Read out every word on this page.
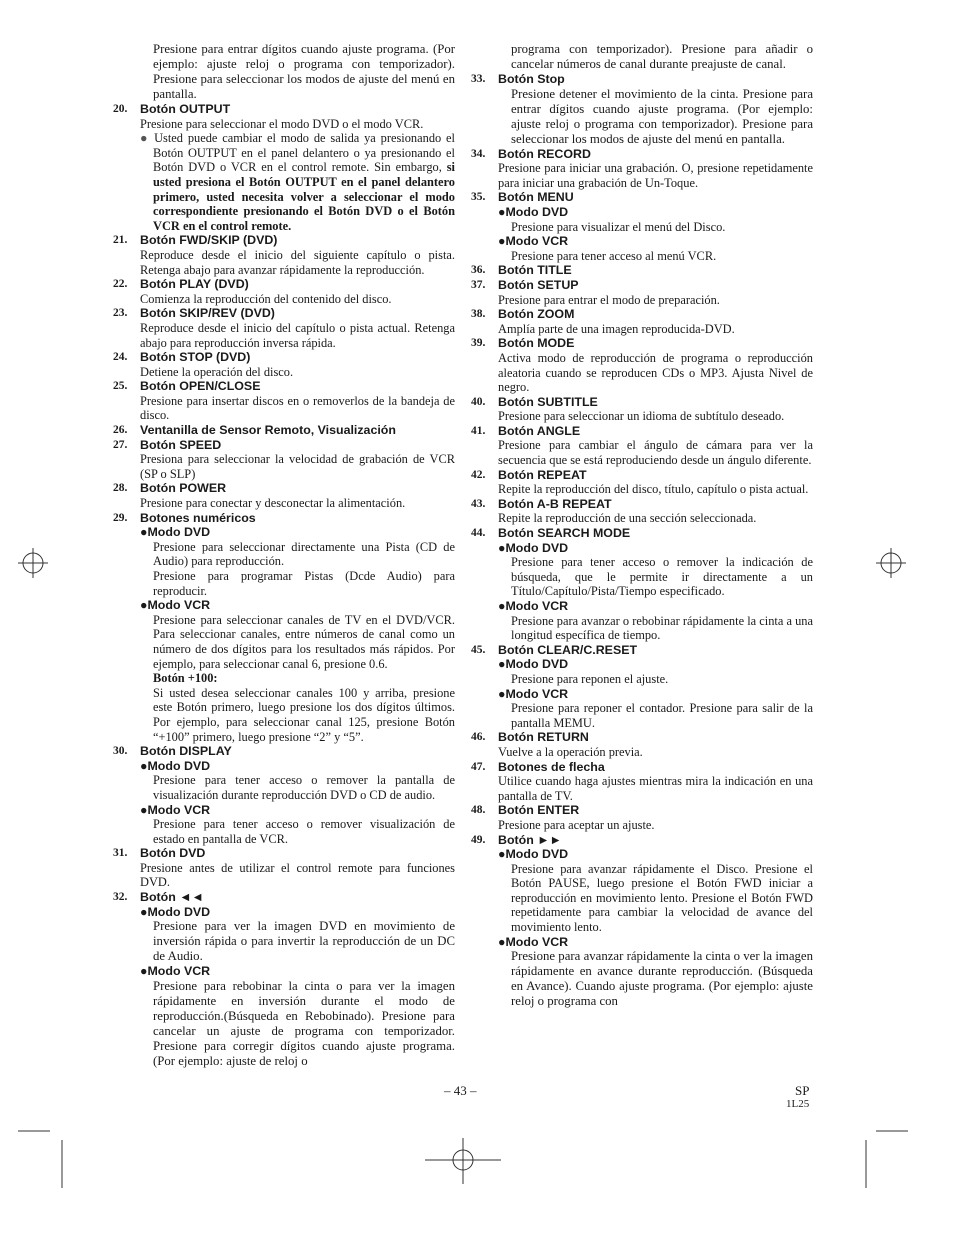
Presione para entrar dígitos cuando ajuste programa. (Por ejemplo: ajuste reloj o programa con temporizador). Presione para seleccionar los modos de ajuste del menú en pantalla.
20.	Botón OUTPUT
Presione para seleccionar el modo DVD o el modo VCR.
● Usted puede cambiar el modo de salida ya presionando el Botón OUTPUT en el panel delantero o ya presionando el Botón DVD o VCR en el control remote. Sin embargo, si usted presiona el Botón OUTPUT en el panel delantero primero, usted necesita volver a seleccionar el modo correspondiente presionando el Botón DVD o el Botón VCR en el control remote.
21.	Botón FWD/SKIP (DVD)
Reproduce desde el inicio del siguiente capítulo o pista. Retenga abajo para avanzar rápidamente la reproducción.
22.	Botón PLAY (DVD)
Comienza la reproducción del contenido del disco.
23.	Botón SKIP/REV (DVD)
Reproduce desde el inicio del capítulo o pista actual. Retenga abajo para reproducción inversa rápida.
24.	Botón STOP (DVD)
Detiene la operación del disco.
25.	Botón OPEN/CLOSE
Presione para insertar discos en o removerlos de la bandeja de disco.
26.	Ventanilla de Sensor Remoto, Visualización
27.	Botón SPEED
Presiona para seleccionar la velocidad de grabación de VCR (SP o SLP)
28.	Botón POWER
Presione para conectar y desconectar la alimentación.
29.	Botones numéricos
●Modo DVD
Presione para seleccionar directamente una Pista (CD de Audio) para reproducción.
Presione para programar Pistas (Dcde Audio) para reproducir.
●Modo VCR
Presione para seleccionar canales de TV en el DVD/VCR. Para seleccionar canales, entre números de canal como un número de dos dígitos para los resultados más rápidos. Por ejemplo, para seleccionar canal 6, presione 0.6.
Botón +100:
Si usted desea seleccionar canales 100 y arriba, presione este Botón primero, luego presione los dos dígitos últimos. Por ejemplo, para seleccionar canal 125, presione Botón “+100” primero, luego presione “2” y “5”.
30.	Botón DISPLAY
●Modo DVD
Presione para tener acceso o remover la pantalla de visualización durante reproducción DVD o CD de audio.
●Modo VCR
Presione para tener acceso o remover visualización de estado en pantalla de VCR.
31.	Botón DVD
Presione antes de utilizar el control remote para funciones DVD.
32.	Botón ◄◄
●Modo DVD
Presione para ver la imagen DVD en movimiento de inversión rápida o para invertir la reproducción de un DC de Audio.
●Modo VCR
Presione para rebobinar la cinta o para ver la imagen rápidamente en inversión durante el modo de reproducción.(Búsqueda en Rebobinado). Presione para cancelar un ajuste de programa con temporizador. Presione para corregir dígitos cuando ajuste programa. (Por ejemplo: ajuste de reloj o
programa con temporizador). Presione para añadir o cancelar números de canal durante preajuste de canal.
33.	Botón Stop
Presione detener el movimiento de la cinta. Presione para entrar dígitos cuando ajuste programa. (Por ejemplo: ajuste reloj o programa con temporizador). Presione para seleccionar los modos de ajuste del menú en pantalla.
34.	Botón RECORD
Presione para iniciar una grabación. O, presione repetidamente para iniciar una grabación de Un-Toque.
35.	Botón MENU
●Modo DVD
Presione para visualizar el menú del Disco.
●Modo VCR
Presione para tener acceso al menú VCR.
36.	Botón TITLE
37.	Botón SETUP
Presione para entrar el modo de preparación.
38.	Botón ZOOM
Amplía parte de una imagen reproducida-DVD.
39.	Botón MODE
Activa modo de reproducción de programa o reproducción aleatoria cuando se reproducen CDs o MP3. Ajusta Nivel de negro.
40.	Botón SUBTITLE
Presione para seleccionar un idioma de subtítulo deseado.
41.	Botón ANGLE
Presione para cambiar el ángulo de cámara para ver la secuencia que se está reproduciendo desde un ángulo diferente.
42.	Botón REPEAT
Repite la reproducción del disco, título, capítulo o pista actual.
43.	Botón A-B REPEAT
Repite la reproducción de una sección seleccionada.
44.	Botón SEARCH MODE
●Modo DVD
Presione para tener acceso o remover la indicación de búsqueda, que le permite ir directamente a un Título/Capítulo/Pista/Tiempo especificado.
●Modo VCR
Presione para avanzar o rebobinar rápidamente la cinta a una longitud específica de tiempo.
45.	Botón CLEAR/C.RESET
●Modo DVD
Presione para reponen el ajuste.
●Modo VCR
Presione para reponer el contador. Presione para salir de la pantalla MEMU.
46.	Botón RETURN
Vuelve a la operación previa.
47.	Botones de flecha
Utilice cuando haga ajustes mientras mira la indicación en una pantalla de TV.
48.	Botón ENTER
Presione para aceptar un ajuste.
49.	Botón ►►
●Modo DVD
Presione para avanzar rápidamente el Disco. Presione el Botón PAUSE, luego presione el Botón FWD iniciar a reproducción en movimiento lento. Presione el Botón FWD repetidamente para cambiar la velocidad de avance del movimiento lento.
●Modo VCR
Presione para avanzar rápidamente la cinta o ver la imagen rápidamente en avance durante reproducción. (Búsqueda en Avance). Cuando ajuste programa. (Por ejemplo: ajuste reloj o programa con
– 43 –	SP
1L25
